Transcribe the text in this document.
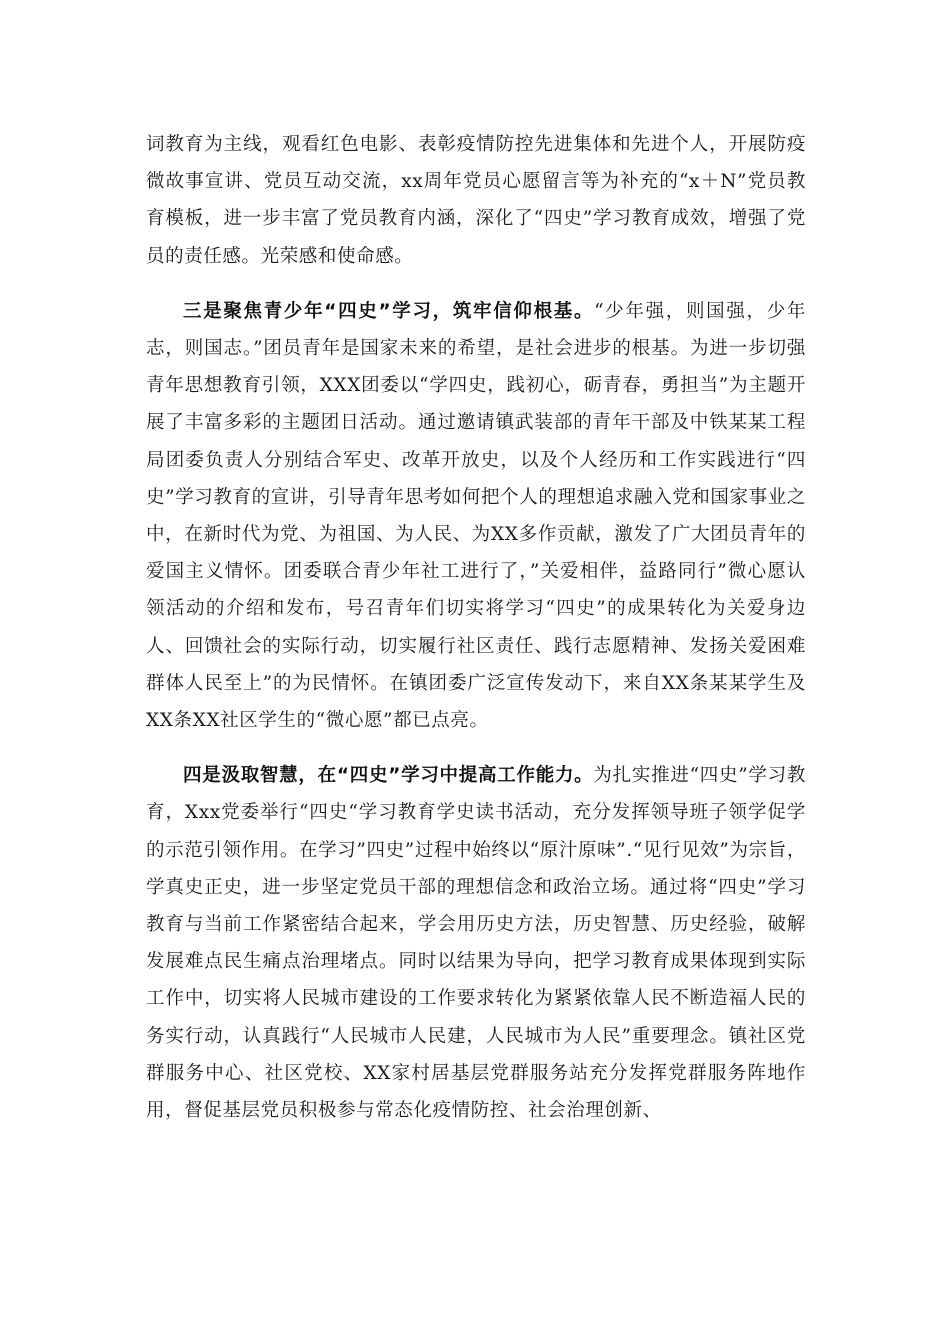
词教育为主线，观看红色电影、表彰疫情防控先进集体和先进个人，开展防疫微故事宣讲、党员互动交流，xx周年党员心愿留言等为补充的“x＋N”党员教育模板，进一步丰富了党员教育内涵，深化了“四史”学习教育成效，增强了党员的责任感。光荣感和使命感。

三是聚焦青少年“四史”学习，筑牢信仰根基。“少年强，则国强，少年志，则国志。”团员青年是国家未来的希望，是社会进步的根基。为进一步切强青年思想教育引领，XXX团委以“学四史，践初心，砺青春，勇担当”为主题开展了丰富多彩的主题团日活动。通过邀请镇武装部的青年干部及中铁某某工程局团委负责人分别结合军史、改革开放史，以及个人经历和工作实践进行“四史”学习教育的宣讲，引导青年思考如何把个人的理想追求融入党和国家事业之中，在新时代为党、为祖国、为人民、为XX多作贡献，激发了广大团员青年的爱国主义情怀。团委联合青少年社工进行了，”关爱相伴，益路同行”微心愿认领活动的介绍和发布，号召青年们切实将学习“四史”的成果转化为关爱身边人、回馈社会的实际行动，切实履行社区责任、践行志愿精神、发扬关爱困难群体人民至上”的为民情怀。在镇团委广泛宣传发动下，来自XX条某某学生及XX条XX社区学生的“微心愿”都已点亮。

四是汲取智慧，在“四史”学习中提高工作能力。为扎实推进“四史”学习教育，Xxx党委举行“四史“学习教育学史读书活动，充分发挥领导班子领学促学的示范引领作用。在学习”四史”过程中始终以“原汁原味”.“见行见效”为宗旨，学真史正史，进一步坚定党员干部的理想信念和政治立场。通过将“四史”学习教育与当前工作紧密结合起来，学会用历史方法，历史智慧、历史经验，破解发展难点民生痛点治理堵点。同时以结果为导向，把学习教育成果体现到实际工作中，切实将人民城市建设的工作要求转化为紧紧依靠人民不断造福人民的务实行动，认真践行“人民城市人民建，人民城市为人民”重要理念。镇社区党群服务中心、社区党校、XX家村居基层党群服务站充分发挥党群服务阵地作用，督促基层党员积极参与常态化疫情防控、社会治理创新、
